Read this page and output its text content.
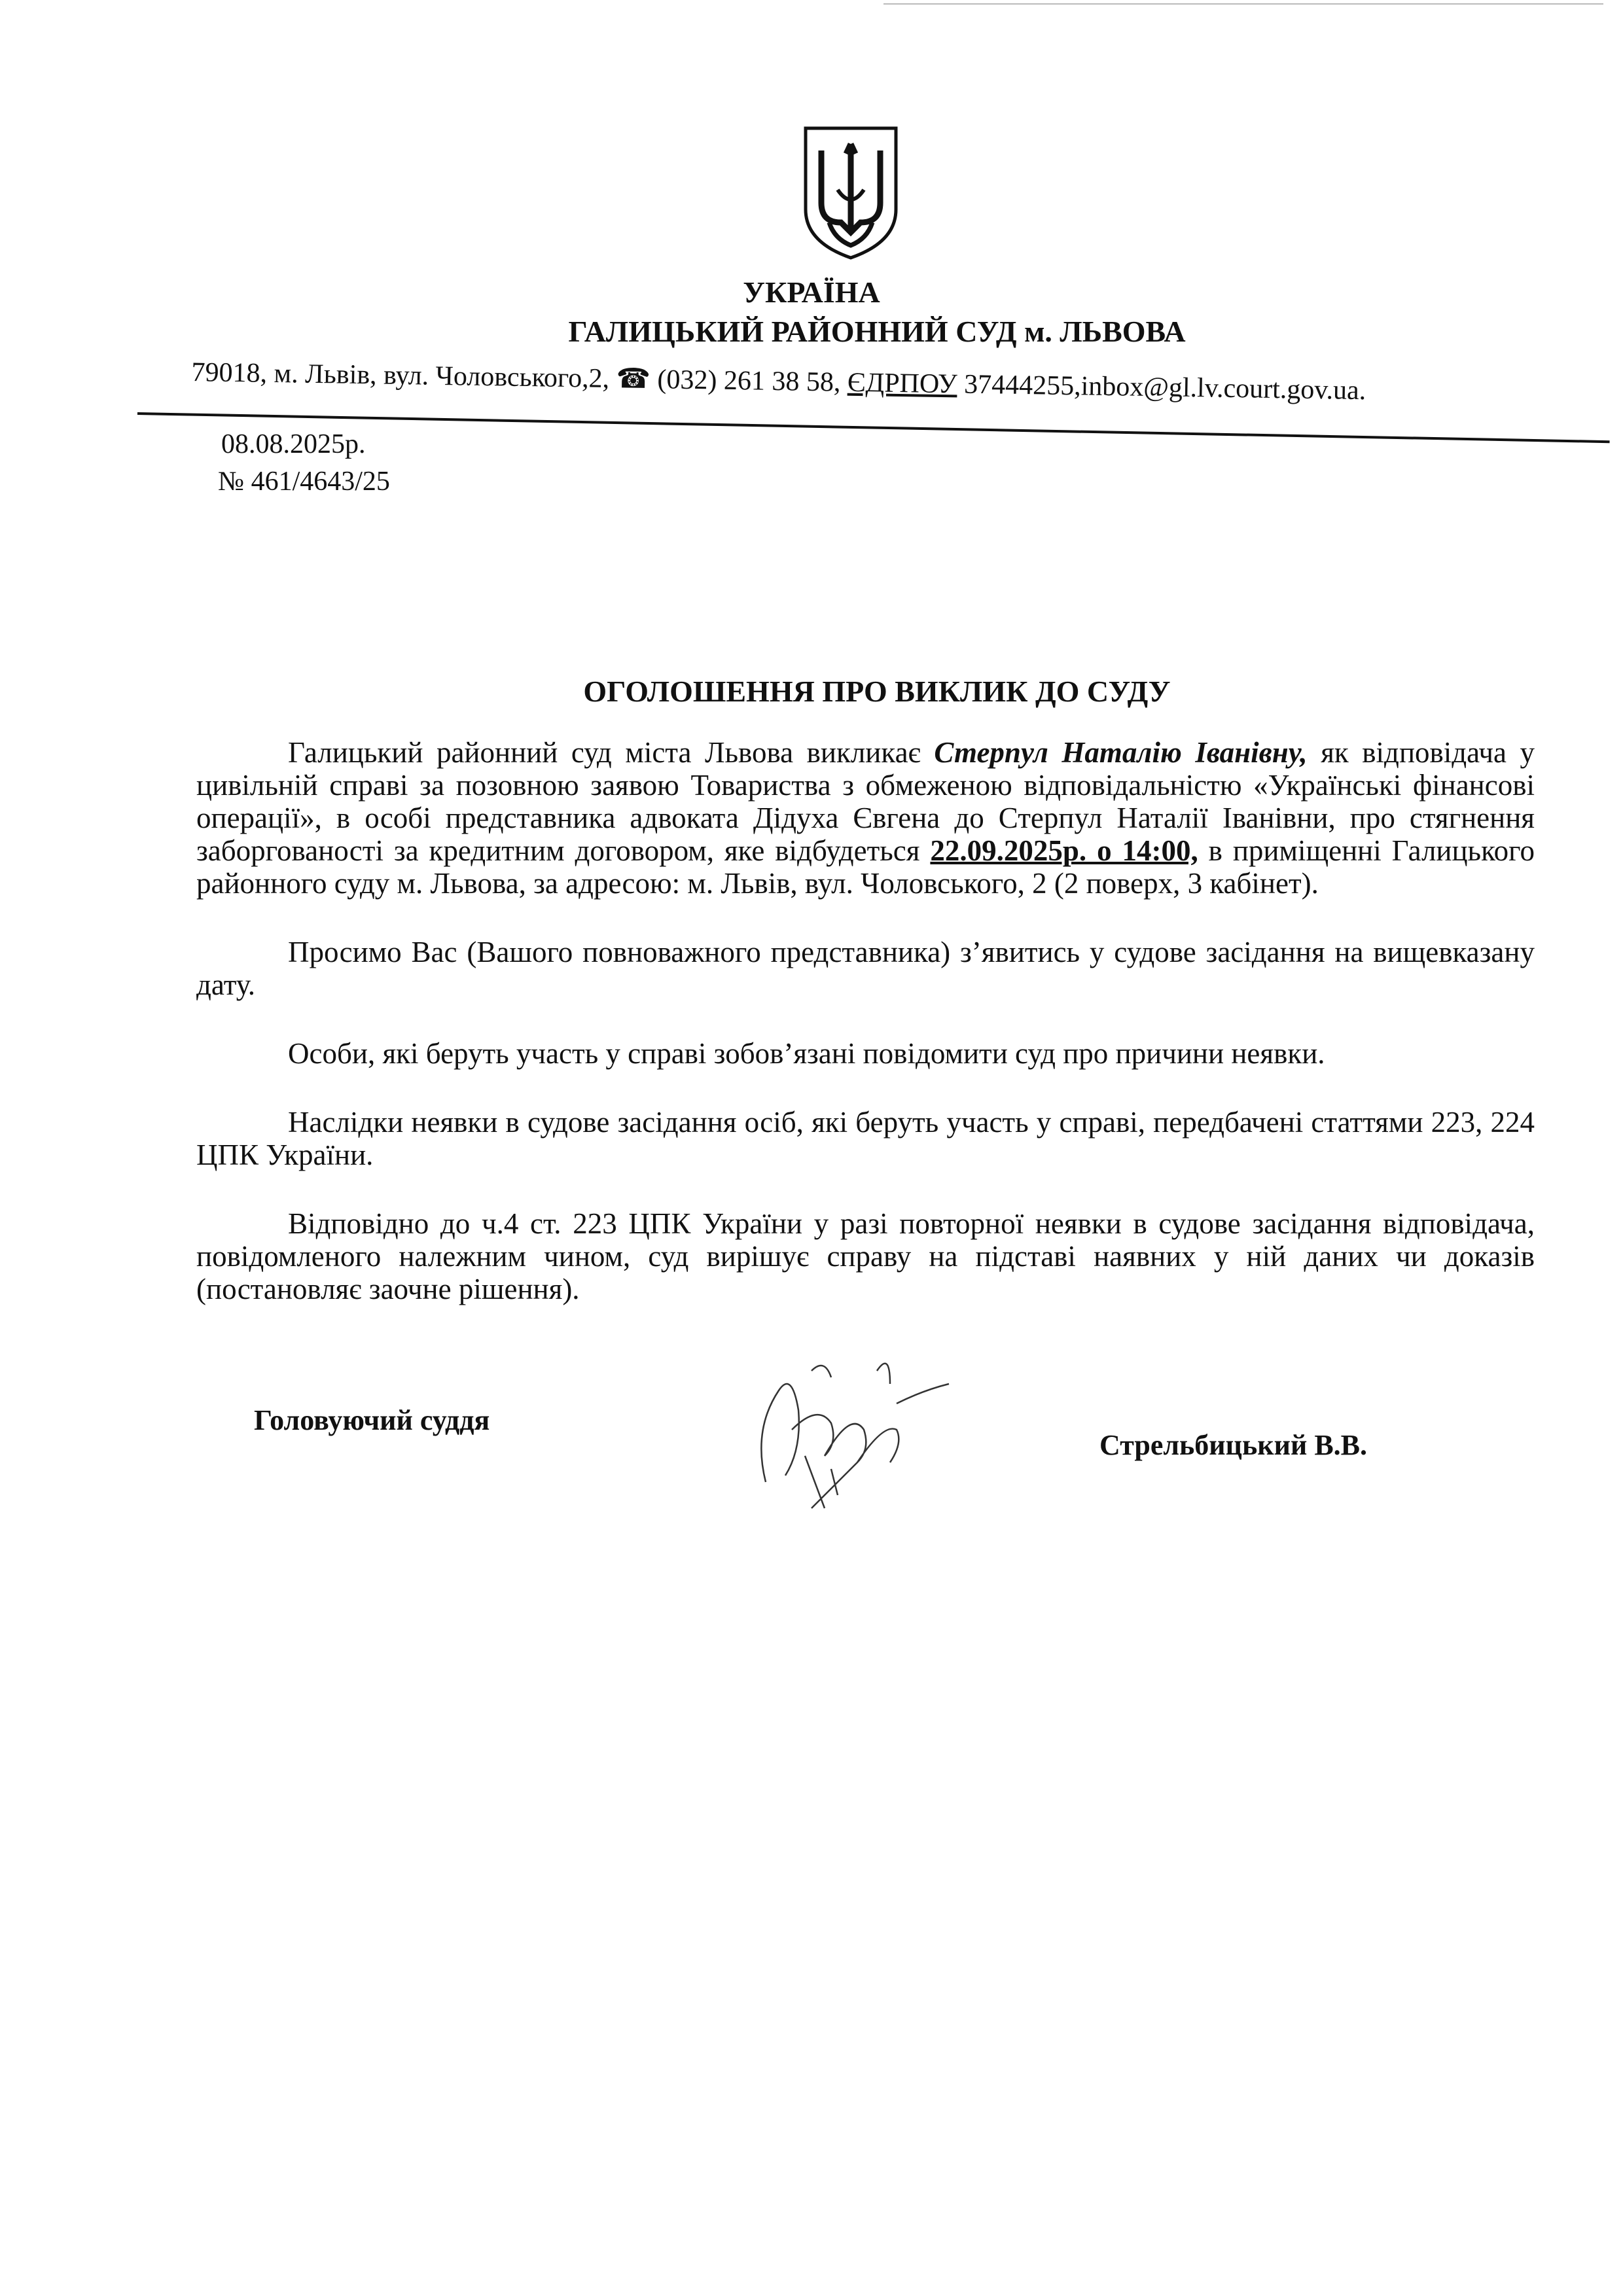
УКРАЇНА
ГАЛИЦЬКИЙ РАЙОННИЙ СУД м. ЛЬВОВА
79018, м. Львів, вул. Чоловського,2, ☎ (032) 261 38 58, ЄДРПОУ 37444255,inbox@gl.lv.court.gov.ua.
08.08.2025р.
№ 461/4643/25
ОГОЛОШЕННЯ ПРО ВИКЛИК ДО СУДУ
Галицький районний суд міста Львова викликає Стерпул Наталію Іванівну, як відповідача у цивільній справі за позовною заявою Товариства з обмеженою відповідальністю «Українські фінансові операції», в особі представника адвоката Дідуха Євгена до Стерпул Наталії Іванівни, про стягнення заборгованості за кредитним договором, яке відбудеться 22.09.2025р. о 14:00, в приміщенні Галицького районного суду м. Львова, за адресою: м. Львів, вул. Чоловського, 2 (2 поверх, 3 кабінет).
Просимо Вас (Вашого повноважного представника) з’явитись у судове засідання на вищевказану дату.
Особи, які беруть участь у справі зобов’язані повідомити суд про причини неявки.
Наслідки неявки в судове засідання осіб, які беруть участь у справі, передбачені статтями 223, 224 ЦПК України.
Відповідно до ч.4 ст. 223 ЦПК України у разі повторної неявки в судове засідання відповідача, повідомленого належним чином, суд вирішує справу на підставі наявних у ній даних чи доказів (постановляє заочне рішення).
Головуючий суддя
Стрельбицький В.В.
